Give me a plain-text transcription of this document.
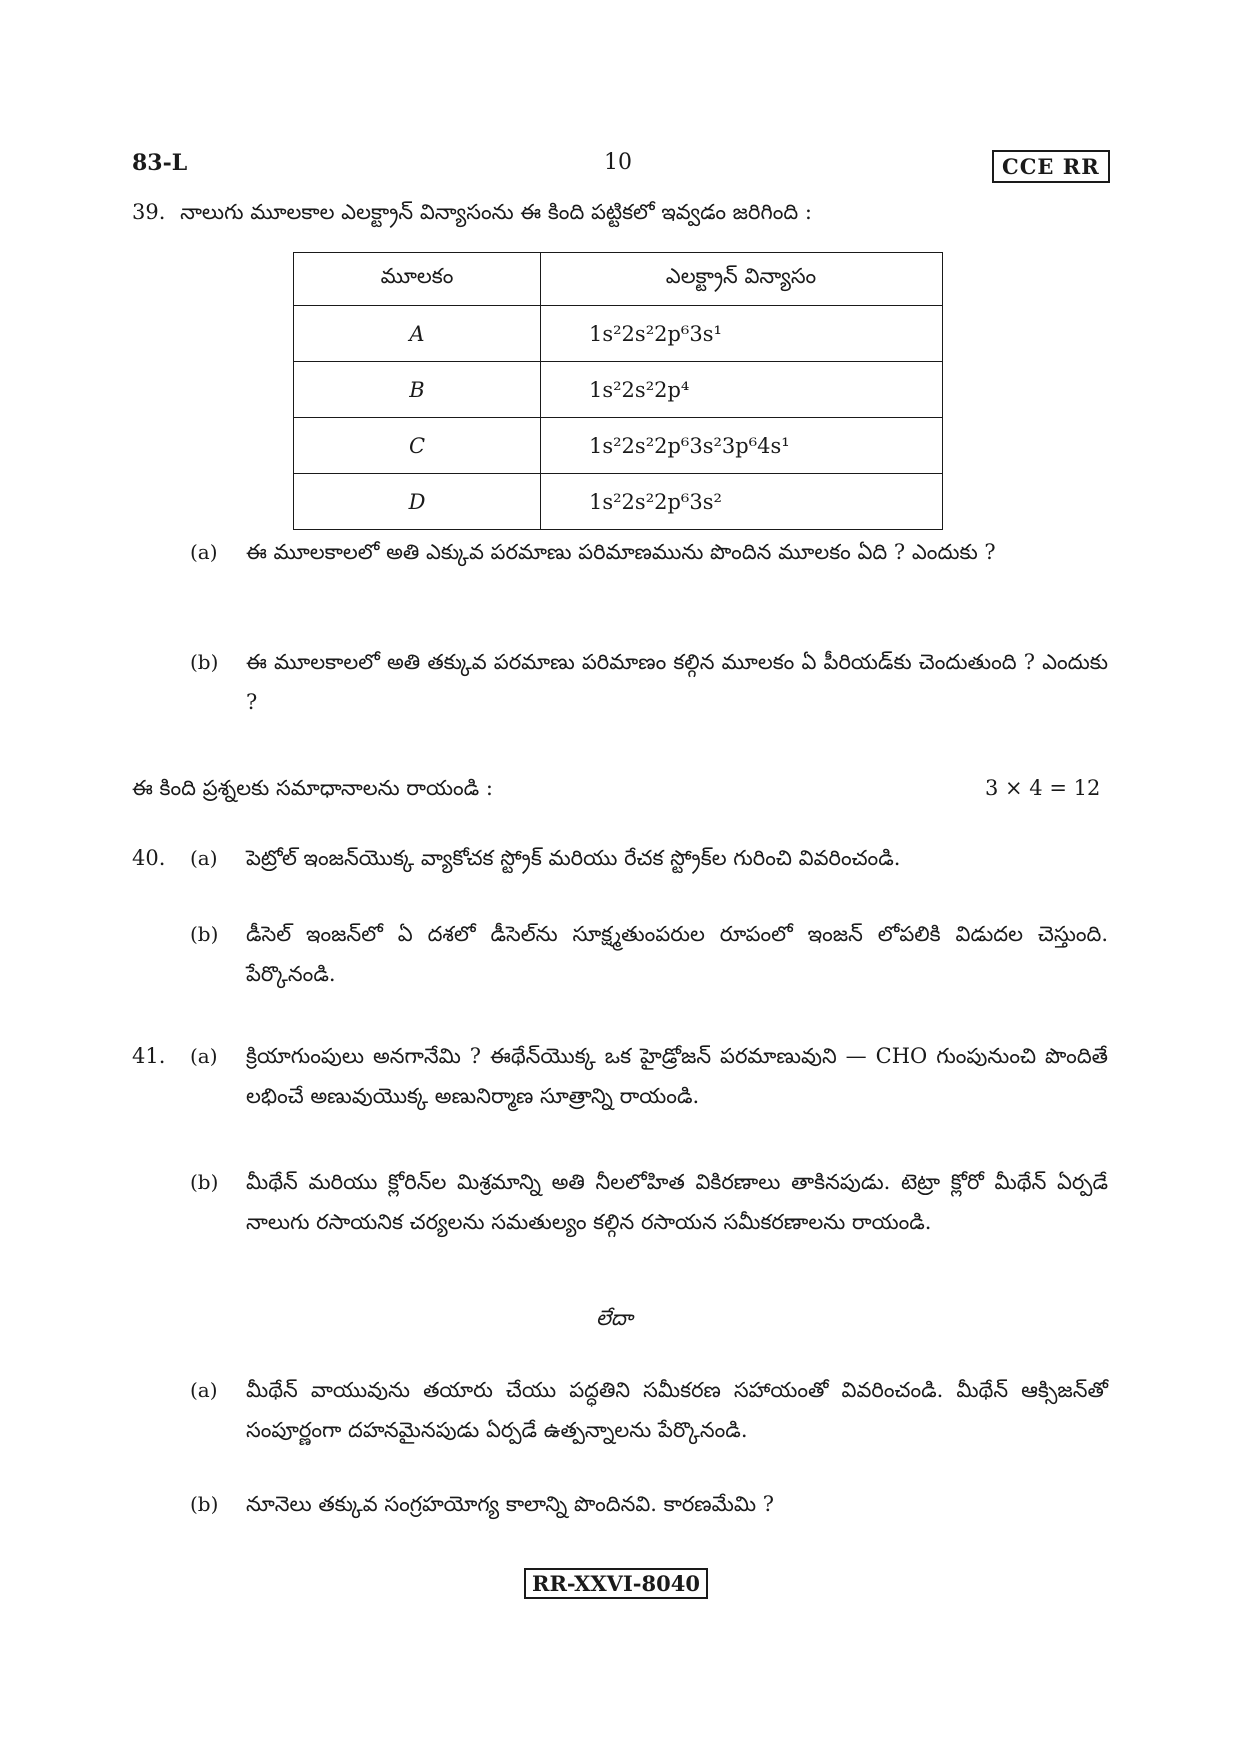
83-L	10	CCE RR
39. నాలుగు మూలకాల ఎలక్ట్రాన్ విన్యాసంను ఈ కింది పట్టికలో ఇవ్వడం జరిగింది :
మూలకం	ఎలక్ట్రాన్ విన్యాసం
A	1s²2s²2p⁶3s¹
B	1s²2s²2p⁴
C	1s²2s²2p⁶3s²3p⁶4s¹
D	1s²2s²2p⁶3s²
(a) ఈ మూలకాలలో అతి ఎక్కువ పరమాణు పరిమాణమును పొందిన మూలకం ఏది ? ఎందుకు ?
(b) ఈ మూలకాలలో అతి తక్కువ పరమాణు పరిమాణం కల్గిన మూలకం ఏ పీరియడ్‌కు చెందుతుంది ? ఎందుకు ?
ఈ కింది ప్రశ్నలకు సమాధానాలను రాయండి :	3 × 4 = 12
40. (a) పెట్రోల్ ఇంజన్‌యొక్క వ్యాకోచక స్ట్రోక్ మరియు రేచక స్ట్రోక్‌ల గురించి వివరించండి.
(b) డీసెల్ ఇంజన్‌లో ఏ దశలో డీసెల్‌ను సూక్ష్మతుంపరుల రూపంలో ఇంజన్ లోపలికి విడుదల చెస్తుంది. పేర్కొనండి.
41. (a) క్రియాగుంపులు అనగానేమి ? ఈథేన్‌యొక్క ఒక హైడ్రోజన్ పరమాణువుని — CHO గుంపునుంచి పొందితే లభించే అణువుయొక్క అణునిర్మాణ సూత్రాన్ని రాయండి.
(b) మీథేన్ మరియు క్లోరిన్‌ల మిశ్రమాన్ని అతి నీలలోహిత వికిరణాలు తాకినపుడు. టెట్రా క్లోరో మీథేన్ ఏర్పడే నాలుగు రసాయనిక చర్యలను సమతుల్యం కల్గిన రసాయన సమీకరణాలను రాయండి.
లేదా
(a) మీథేన్ వాయువును తయారు చేయు పద్ధతిని సమీకరణ సహాయంతో వివరించండి. మీథేన్ ఆక్సిజన్‌తో సంపూర్ణంగా దహనమైనపుడు ఏర్పడే ఉత్పన్నాలను పేర్కొనండి.
(b) నూనెలు తక్కువ సంగ్రహయోగ్య కాలాన్ని పొందినవి. కారణమేమి ?
RR-XXVI-8040
